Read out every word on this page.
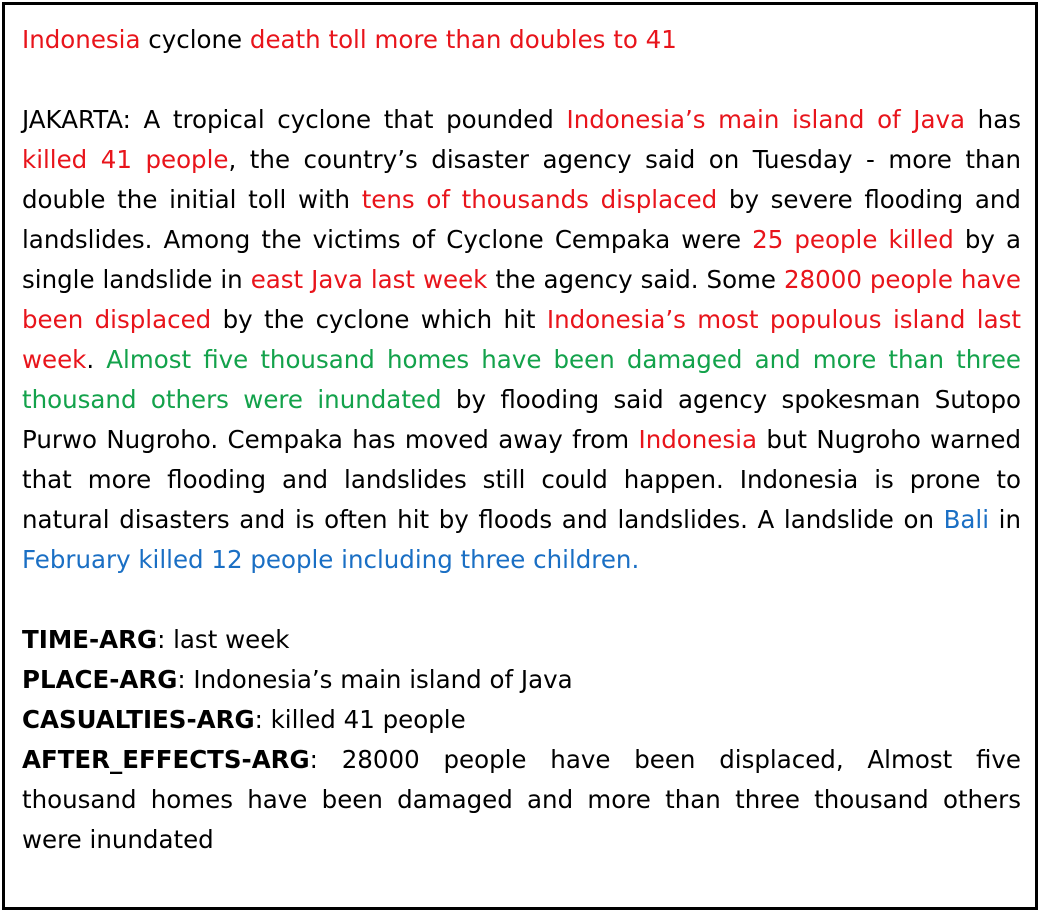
Indonesia cyclone death toll more than doubles to 41

JAKARTA: A tropical cyclone that pounded Indonesia’s main island of Java has killed 41 people, the country’s disaster agency said on Tuesday - more than double the initial toll with tens of thousands displaced by severe flooding and landslides. Among the victims of Cyclone Cempaka were 25 people killed by a single landslide in east Java last week the agency said. Some 28000 people have been displaced by the cyclone which hit Indonesia’s most populous island last week. Almost five thousand homes have been damaged and more than three thousand others were inundated by flooding said agency spokesman Sutopo Purwo Nugroho. Cempaka has moved away from Indonesia but Nugroho warned that more flooding and landslides still could happen. Indonesia is prone to natural disasters and is often hit by floods and landslides. A landslide on Bali in February killed 12 people including three children.

TIME-ARG: last week

PLACE-ARG: Indonesia’s main island of Java

CASUALTIES-ARG: killed 41 people

AFTER_EFFECTS-ARG: 28000 people have been displaced, Almost five thousand homes have been damaged and more than three thousand others were inundated
